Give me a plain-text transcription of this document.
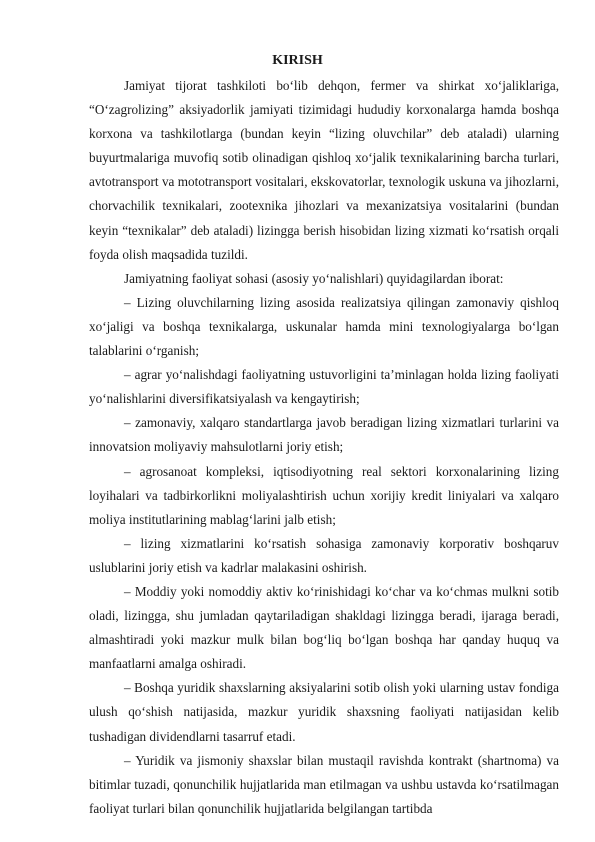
KIRISH

Jamiyat tijorat tashkiloti bo‘lib dehqon, fermer va shirkat xo‘jaliklariga, “O‘zagrolizing” aksiyadorlik jamiyati tizimidagi hududiy korxonalarga hamda boshqa korxona va tashkilotlarga (bundan keyin “lizing oluvchilar” deb ataladi) ularning buyurtmalariga muvofiq sotib olinadigan qishloq xo‘jalik texnikalarining barcha turlari, avtotransport va mototransport vositalari, ekskovatorlar, texnologik uskuna va jihozlarni, chorvachilik texnikalari, zootexnika jihozlari va mexanizatsiya vositalarini (bundan keyin “texnikalar” deb ataladi) lizingga berish hisobidan lizing xizmati ko‘rsatish orqali foyda olish maqsadida tuzildi.

Jamiyatning faoliyat sohasi (asosiy yo‘nalishlari) quyidagilardan iborat:

– Lizing oluvchilarning lizing asosida realizatsiya qilingan zamonaviy qishloq xo‘jaligi va boshqa texnikalarga, uskunalar hamda mini texnologiyalarga bo‘lgan talablarini o‘rganish;

– agrar yo‘nalishdagi faoliyatning ustuvorligini ta’minlagan holda lizing faoliyati yo‘nalishlarini diversifikatsiyalash va kengaytirish;

– zamonaviy, xalqaro standartlarga javob beradigan lizing xizmatlari turlarini va innovatsion moliyaviy mahsulotlarni joriy etish;

– agrosanoat kompleksi, iqtisodiyotning real sektori korxonalarining lizing loyihalari va tadbirkorlikni moliyalashtirish uchun xorijiy kredit liniyalari va xalqaro moliya institutlarining mablag‘larini jalb etish;

– lizing xizmatlarini ko‘rsatish sohasiga zamonaviy korporativ boshqaruv uslublarini joriy etish va kadrlar malakasini oshirish.

– Moddiy yoki nomoddiy aktiv ko‘rinishidagi ko‘char va ko‘chmas mulkni sotib oladi, lizingga, shu jumladan qaytariladigan shakldagi lizingga beradi, ijaraga beradi, almashtiradi yoki mazkur mulk bilan bog‘liq bo‘lgan boshqa har qanday huquq va manfaatlarni amalga oshiradi.

– Boshqa yuridik shaxslarning aksiyalarini sotib olish yoki ularning ustav fondiga ulush qo‘shish natijasida, mazkur yuridik shaxsning faoliyati natijasidan kelib tushadigan dividendlarni tasarruf etadi.

– Yuridik va jismoniy shaxslar bilan mustaqil ravishda kontrakt (shartnoma) va bitimlar tuzadi, qonunchilik hujjatlarida man etilmagan va ushbu ustavda ko‘rsatilmagan faoliyat turlari bilan qonunchilik hujjatlarida belgilangan tartibda
